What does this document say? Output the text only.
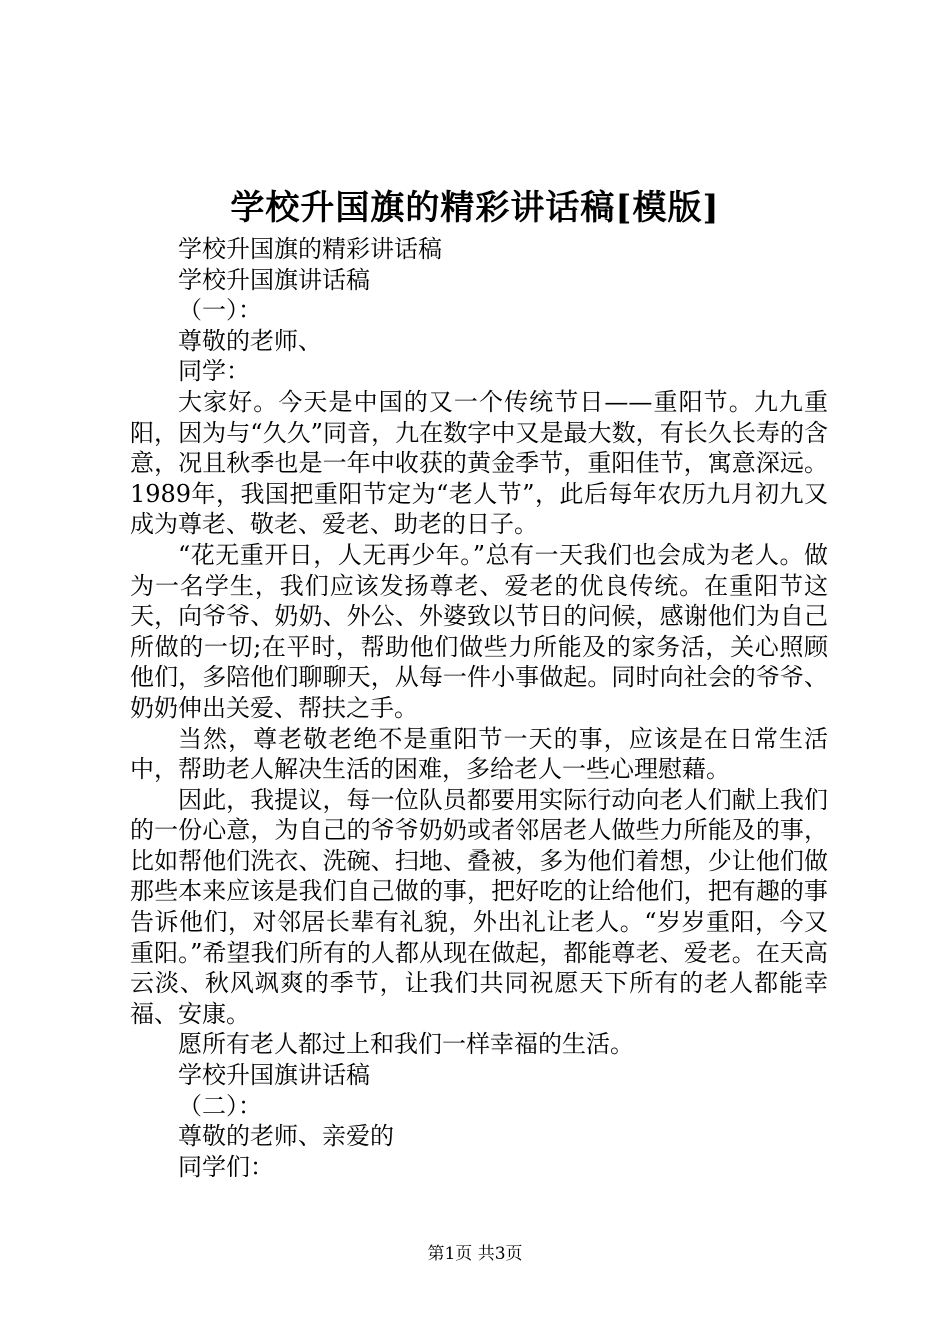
学校升国旗的精彩讲话稿[模版]
学校升国旗的精彩讲话稿
学校升国旗讲话稿
（一）：
尊敬的老师、
同学：

大家好。今天是中国的又一个传统节日——重阳节。九九重阳，因为与“久久”同音，九在数字中又是最大数，有长久长寿的含意，况且秋季也是一年中收获的黄金季节，重阳佳节，寓意深远。1989年，我国把重阳节定为“老人节”，此后每年农历九月初九又成为尊老、敬老、爱老、助老的日子。

“花无重开日，人无再少年。”总有一天我们也会成为老人。做为一名学生，我们应该发扬尊老、爱老的优良传统。在重阳节这天，向爷爷、奶奶、外公、外婆致以节日的问候，感谢他们为自己所做的一切;在平时，帮助他们做些力所能及的家务活，关心照顾他们，多陪他们聊聊天，从每一件小事做起。同时向社会的爷爷、奶奶伸出关爱、帮扶之手。

当然，尊老敬老绝不是重阳节一天的事，应该是在日常生活中，帮助老人解决生活的困难，多给老人一些心理慰藉。

因此，我提议，每一位队员都要用实际行动向老人们献上我们的一份心意，为自己的爷爷奶奶或者邻居老人做些力所能及的事，比如帮他们洗衣、洗碗、扫地、叠被，多为他们着想，少让他们做那些本来应该是我们自己做的事，把好吃的让给他们，把有趣的事告诉他们，对邻居长辈有礼貌，外出礼让老人。“岁岁重阳，今又重阳。”希望我们所有的人都从现在做起，都能尊老、爱老。在天高云淡、秋风飒爽的季节，让我们共同祝愿天下所有的老人都能幸福、安康。

愿所有老人都过上和我们一样幸福的生活。
学校升国旗讲话稿
（二）：
尊敬的老师、亲爱的
同学们：
第1页 共3页
